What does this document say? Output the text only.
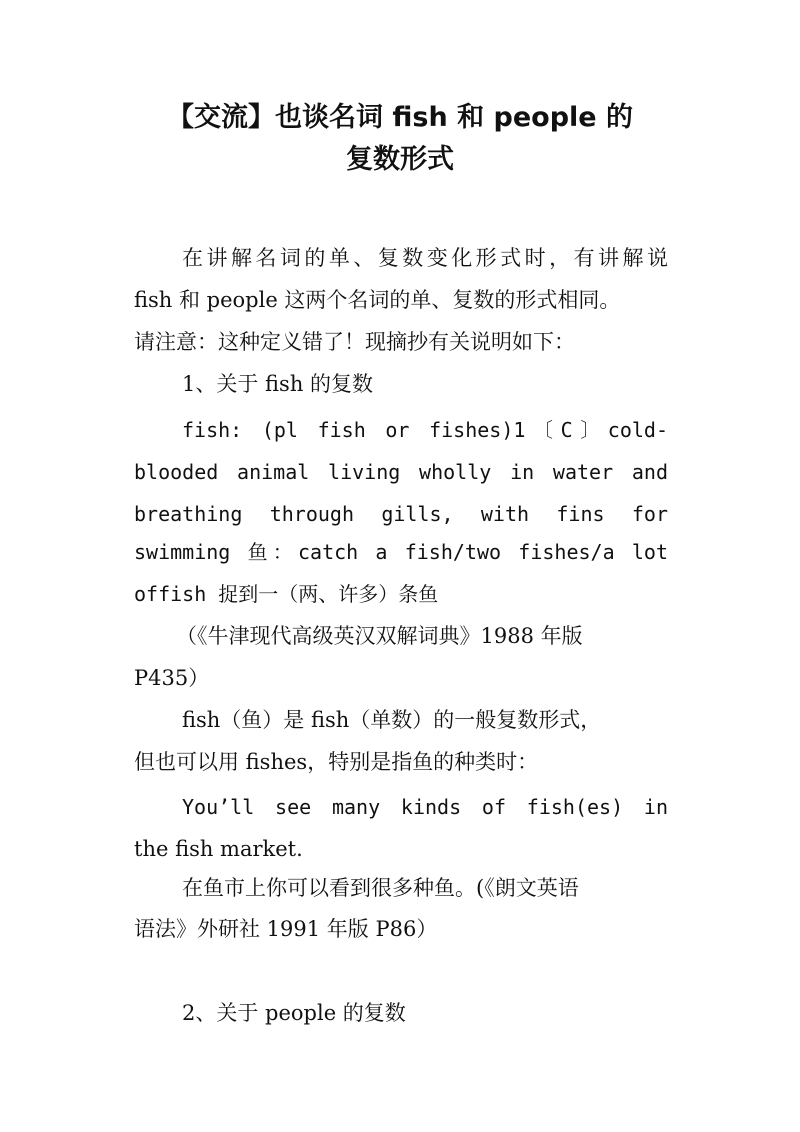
【交流】也谈名词 fish 和 people 的
复数形式
在讲解名词的单、复数变化形式时，有讲解说
fish 和 people 这两个名词的单、复数的形式相同。
请注意：这种定义错了！现摘抄有关说明如下：
1、关于 fish 的复数
fish: (pl fish or fishes)1〔C〕cold-
blooded animal living wholly in water and
breathing through gills, with fins for
swimming 鱼：catch a fish/two fishes/a lot
offish 捉到一（两、许多）条鱼
（《牛津现代高级英汉双解词典》1988 年版
P435）
fish（鱼）是 fish（单数）的一般复数形式，
但也可以用 fishes，特别是指鱼的种类时：
You’ll see many kinds of fish(es) in
the fish market.
在鱼市上你可以看到很多种鱼。(《朗文英语
语法》外研社 1991 年版 P86）
2、关于 people 的复数
